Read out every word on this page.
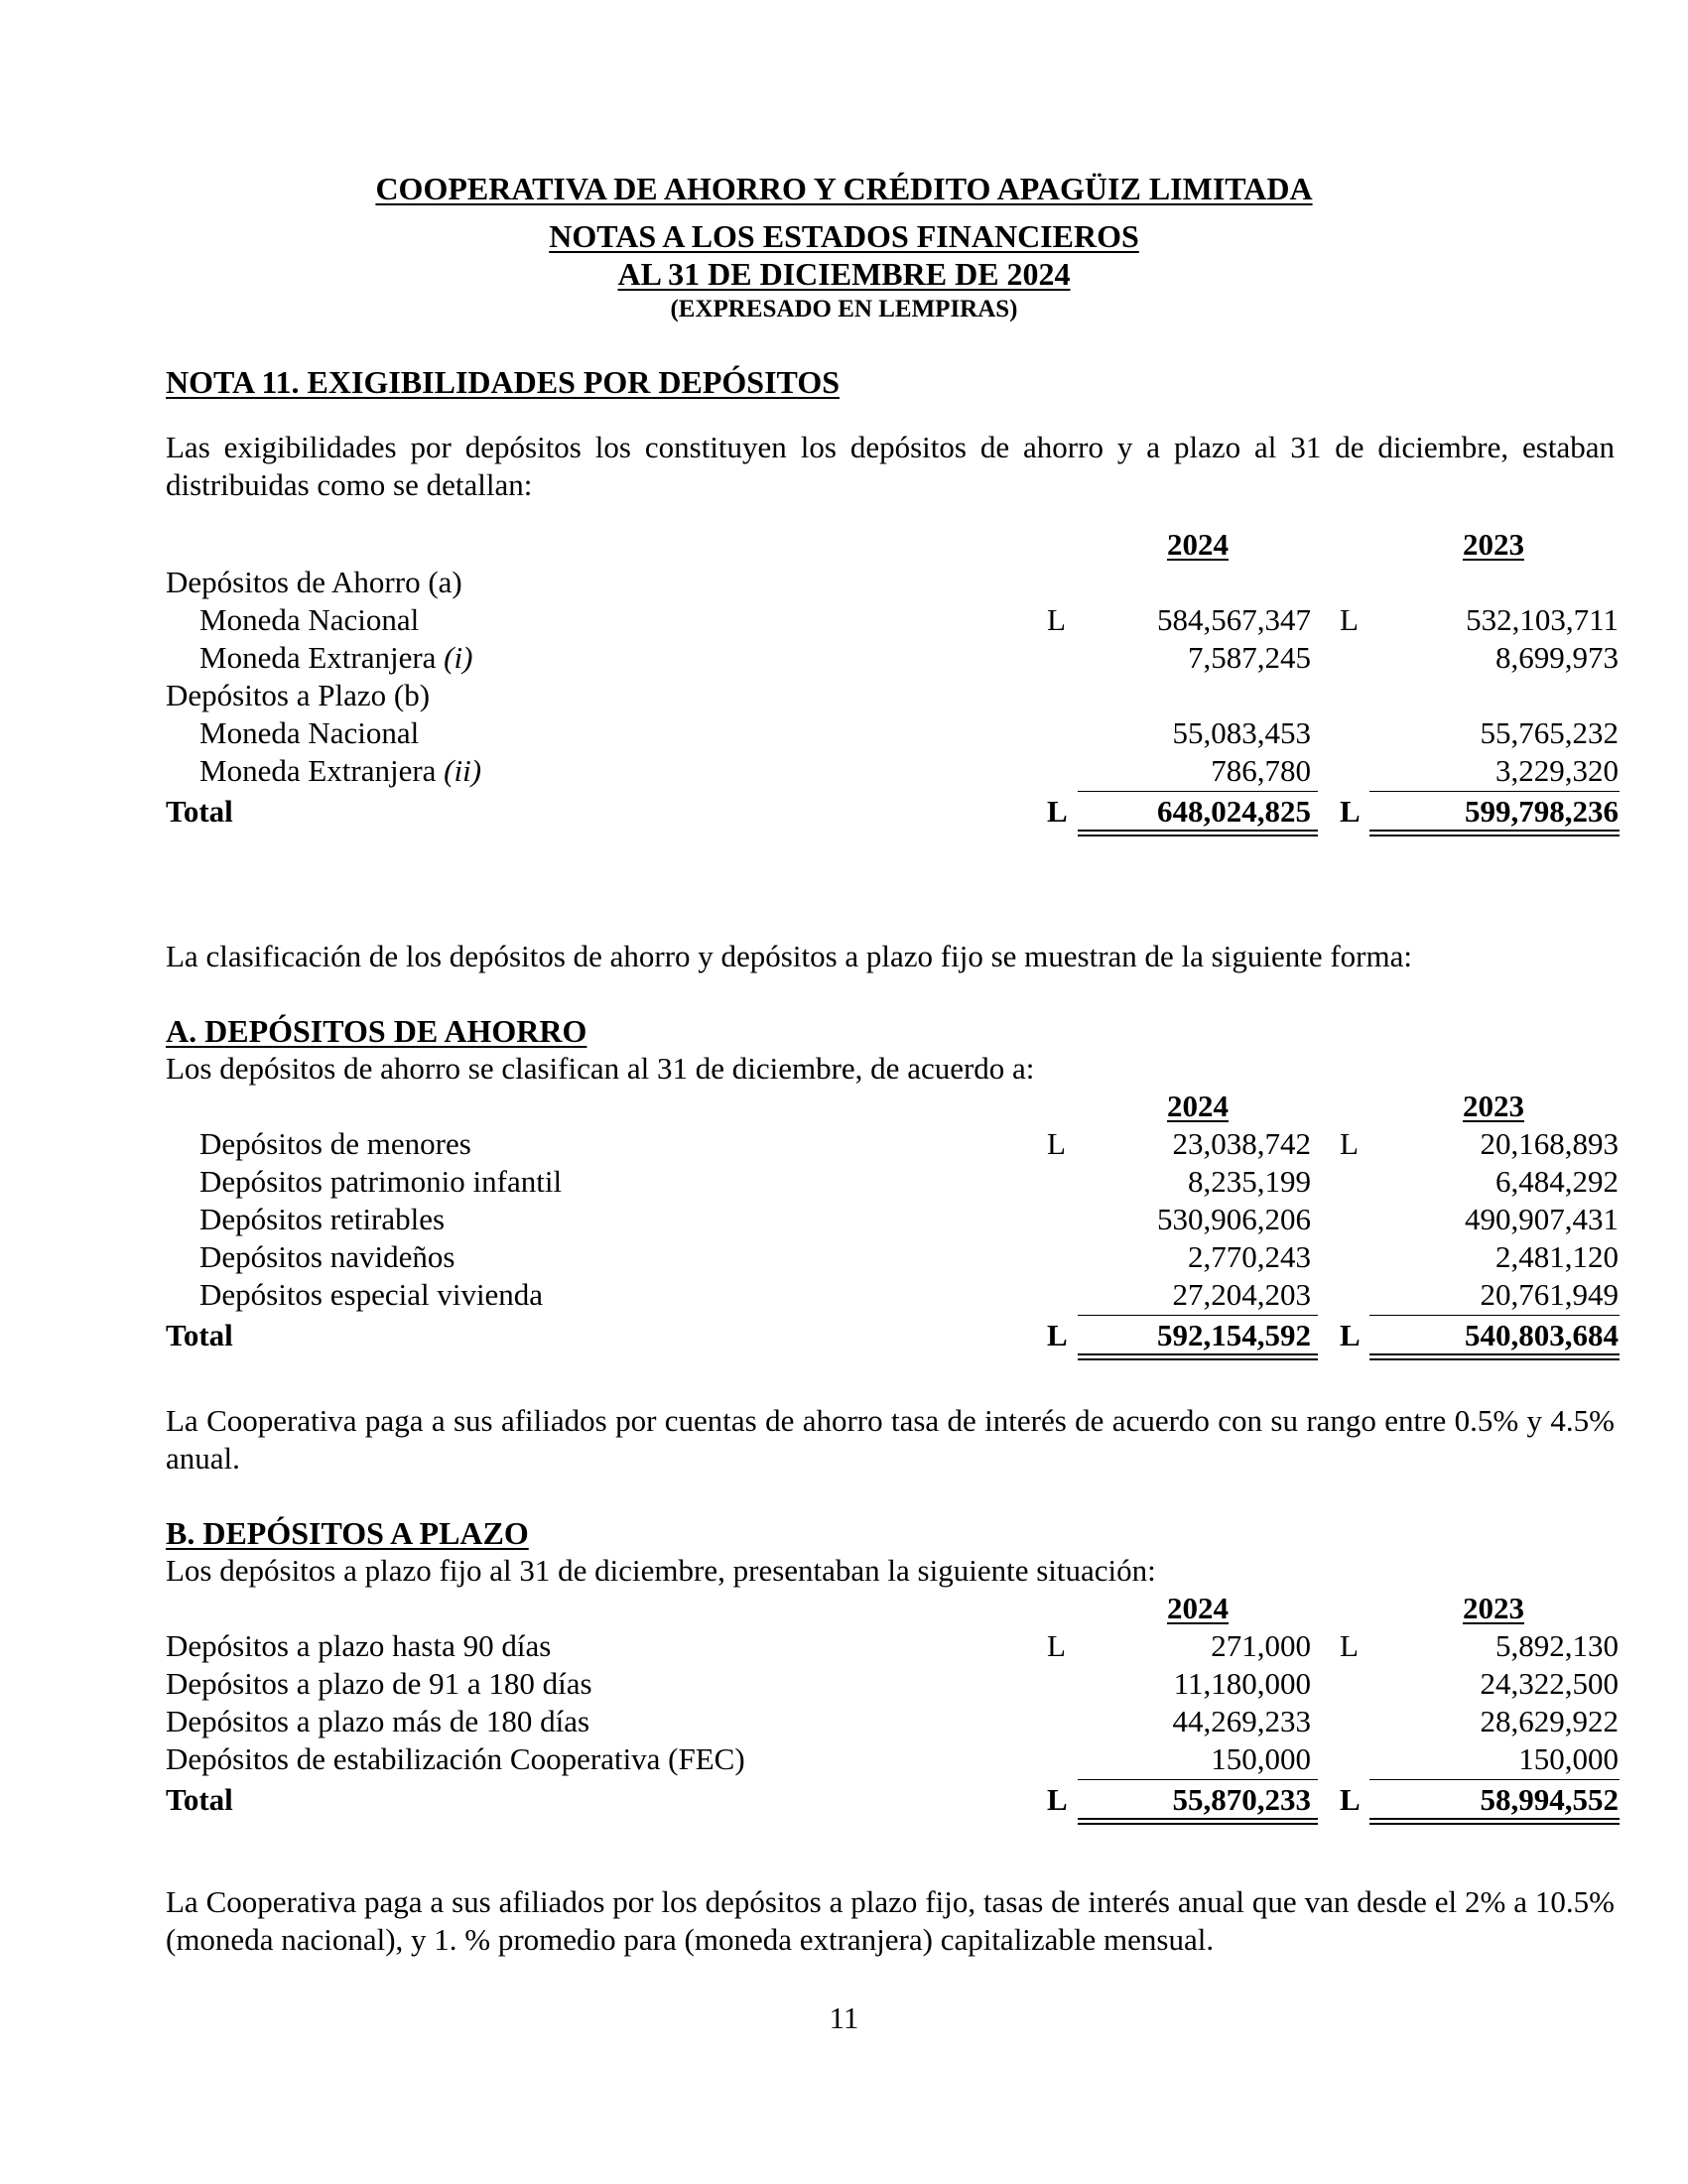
COOPERATIVA DE AHORRO Y CRÉDITO APAGÜIZ LIMITADA
NOTAS A LOS ESTADOS FINANCIEROS
AL 31 DE DICIEMBRE DE 2024
(EXPRESADO EN LEMPIRAS)
NOTA 11. EXIGIBILIDADES POR DEPÓSITOS
Las exigibilidades por depósitos los constituyen los depósitos de ahorro y a plazo al 31 de diciembre, estaban distribuidas como se detallan:
2024	2023
Depósitos de Ahorro (a)
Moneda Nacional	L	584,567,347 L	532,103,711
Moneda Extranjera (i)	7,587,245	8,699,973
Depósitos a Plazo (b)
Moneda Nacional	55,083,453	55,765,232
Moneda Extranjera (ii)	786,780	3,229,320
Total	L	648,024,825 L	599,798,236
La clasificación de los depósitos de ahorro y depósitos a plazo fijo se muestran de la siguiente forma:
A. DEPÓSITOS DE AHORRO
Los depósitos de ahorro se clasifican al 31 de diciembre, de acuerdo a:
2024	2023
Depósitos de menores	L	23,038,742 L	20,168,893
Depósitos patrimonio infantil	8,235,199	6,484,292
Depósitos retirables	530,906,206	490,907,431
Depósitos navideños	2,770,243	2,481,120
Depósitos especial vivienda	27,204,203	20,761,949
Total	L	592,154,592 L	540,803,684
La Cooperativa paga a sus afiliados por cuentas de ahorro tasa de interés de acuerdo con su rango entre 0.5% y 4.5% anual.
B. DEPÓSITOS A PLAZO
Los depósitos a plazo fijo al 31 de diciembre, presentaban la siguiente situación:
2024	2023
Depósitos a plazo hasta 90 días	L	271,000 L	5,892,130
Depósitos a plazo de 91 a 180 días	11,180,000	24,322,500
Depósitos a plazo más de 180 días	44,269,233	28,629,922
Depósitos de estabilización Cooperativa (FEC)	150,000	150,000
Total	L	55,870,233 L	58,994,552
La Cooperativa paga a sus afiliados por los depósitos a plazo fijo, tasas de interés anual que van desde el 2% a 10.5% (moneda nacional), y 1. % promedio para (moneda extranjera) capitalizable mensual.
11
